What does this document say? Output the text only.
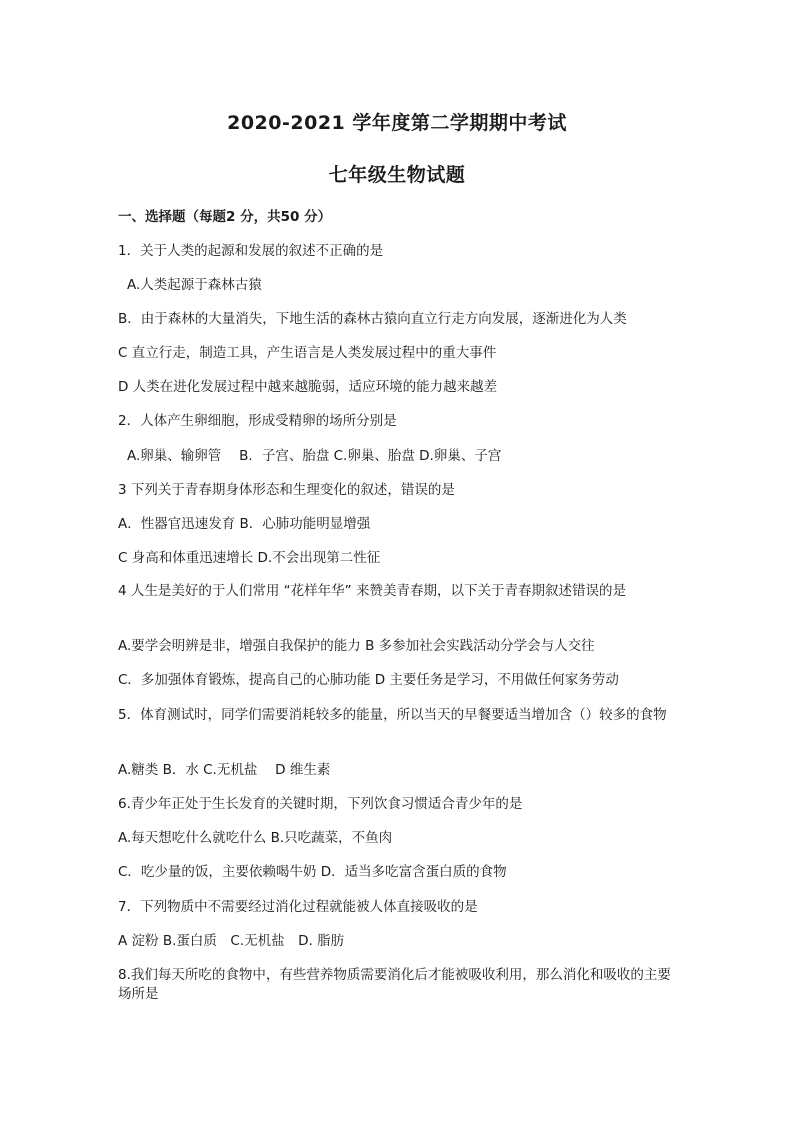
2020-2021 学年度第二学期期中考试
七年级生物试题
一、选择题（每题2 分，共50 分）
1．关于人类的起源和发展的叙述不正确的是
A.人类起源于森林古猿
B．由于森林的大量消失，下地生活的森林古猿向直立行走方向发展，逐渐进化为人类
C 直立行走，制造工具，产生语言是人类发展过程中的重大事件
D 人类在进化发展过程中越来越脆弱，适应环境的能力越来越差
2．人体产生卵细胞，形成受精卵的场所分别是
A.卵巢、输卵管　 B．子宫、胎盘 C.卵巢、胎盘 D.卵巢、子宫
3 下列关于青春期身体形态和生理变化的叙述，错误的是
A．性器官迅速发育 B．心肺功能明显增强
C 身高和体重迅速增长 D.不会出现第二性征
4 人生是美好的于人们常用 “花样年华” 来赞美青春期，以下关于青春期叙述错误的是
A.要学会明辨是非，增强自我保护的能力 B 多参加社会实践活动分学会与人交往
C．多加强体育锻炼，提高自己的心肺功能 D 主要任务是学习，不用做任何家务劳动
5．体育测试时，同学们需要消耗较多的能量，所以当天的早餐要适当增加含（）较多的食物
A.糖类 B．水 C.无机盐　 D 维生素
6.青少年正处于生长发育的关键时期，下列饮食习惯适合青少年的是
A.每天想吃什么就吃什么 B.只吃蔬菜，不鱼肉
C．吃少量的饭，主要依赖喝牛奶 D．适当多吃富含蛋白质的食物
7．下列物质中不需要经过消化过程就能被人体直接吸收的是
A 淀粉 B.蛋白质　C.无机盐　D. 脂肪
8.我们每天所吃的食物中，有些营养物质需要消化后才能被吸收利用，那么消化和吸收的主要场所是
